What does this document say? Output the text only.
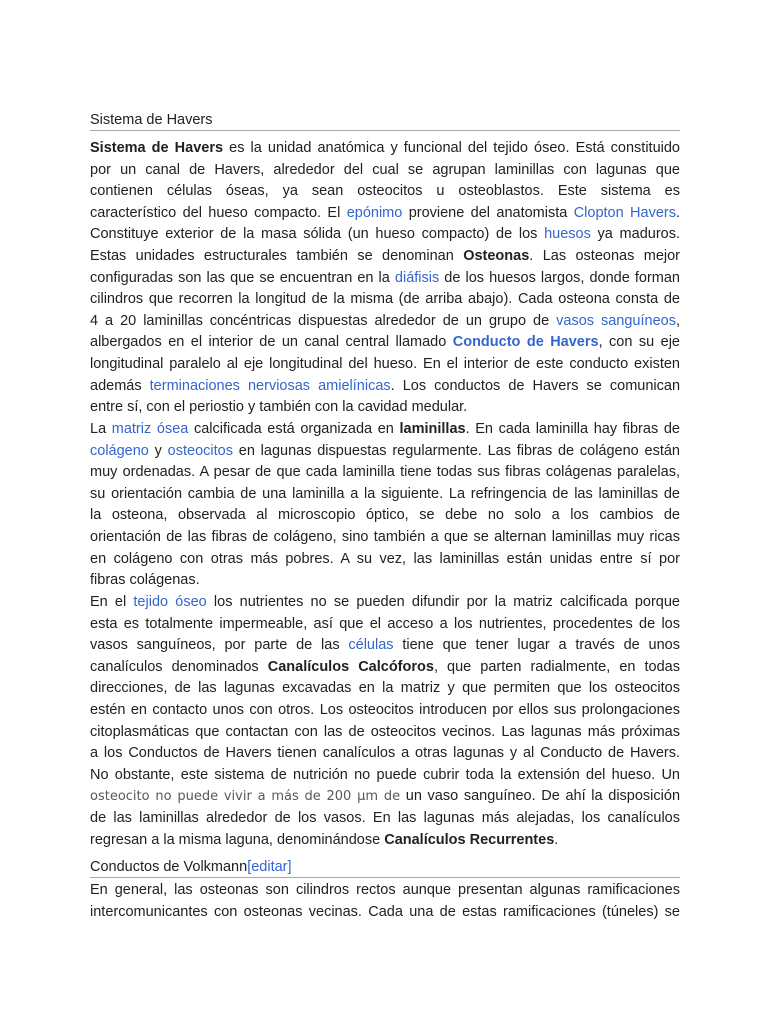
Sistema de Havers
Sistema de Havers es la unidad anatómica y funcional del tejido óseo. Está constituido
por un canal de Havers, alrededor del cual se agrupan laminillas con lagunas que
contienen células óseas, ya sean osteocitos u osteoblastos. Este sistema es
característico del hueso compacto. El epónimo proviene del anatomista Clopton Havers.
Constituye exterior de la masa sólida (un hueso compacto) de los huesos ya maduros.
Estas unidades estructurales también se denominan Osteonas. Las osteonas mejor
configuradas son las que se encuentran en la diáfisis de los huesos largos, donde forman
cilindros que recorren la longitud de la misma (de arriba abajo). Cada osteona consta de
4 a 20 laminillas concéntricas dispuestas alrededor de un grupo de vasos sanguíneos,
albergados en el interior de un canal central llamado Conducto de Havers, con su eje
longitudinal paralelo al eje longitudinal del hueso. En el interior de este conducto existen
además terminaciones nerviosas amielínicas. Los conductos de Havers se comunican
entre sí, con el periostio y también con la cavidad medular.
La matriz ósea calcificada está organizada en laminillas. En cada laminilla hay fibras de
colágeno y osteocitos en lagunas dispuestas regularmente. Las fibras de colágeno están
muy ordenadas. A pesar de que cada laminilla tiene todas sus fibras colágenas paralelas,
su orientación cambia de una laminilla a la siguiente. La refringencia de las laminillas de
la osteona, observada al microscopio óptico, se debe no solo a los cambios de
orientación de las fibras de colágeno, sino también a que se alternan laminillas muy ricas
en colágeno con otras más pobres. A su vez, las laminillas están unidas entre sí por
fibras colágenas.
En el tejido óseo los nutrientes no se pueden difundir por la matriz calcificada porque
esta es totalmente impermeable, así que el acceso a los nutrientes, procedentes de los
vasos sanguíneos, por parte de las células tiene que tener lugar a través de unos
canalículos denominados Canalículos Calcóforos, que parten radialmente, en todas
direcciones, de las lagunas excavadas en la matriz y que permiten que los osteocitos
estén en contacto unos con otros. Los osteocitos introducen por ellos sus prolongaciones
citoplasmáticas que contactan con las de osteocitos vecinos. Las lagunas más próximas
a los Conductos de Havers tienen canalículos a otras lagunas y al Conducto de Havers.
No obstante, este sistema de nutrición no puede cubrir toda la extensión del hueso. Un
osteocito no puede vivir a más de 200 µm de un vaso sanguíneo. De ahí la disposición
de las laminillas alrededor de los vasos. En las lagunas más alejadas, los canalículos
regresan a la misma laguna, denominándose Canalículos Recurrentes.
Conductos de Volkmann[editar]
En general, las osteonas son cilindros rectos aunque presentan algunas ramificaciones
intercomunicantes con osteonas vecinas. Cada una de estas ramificaciones (túneles) se
